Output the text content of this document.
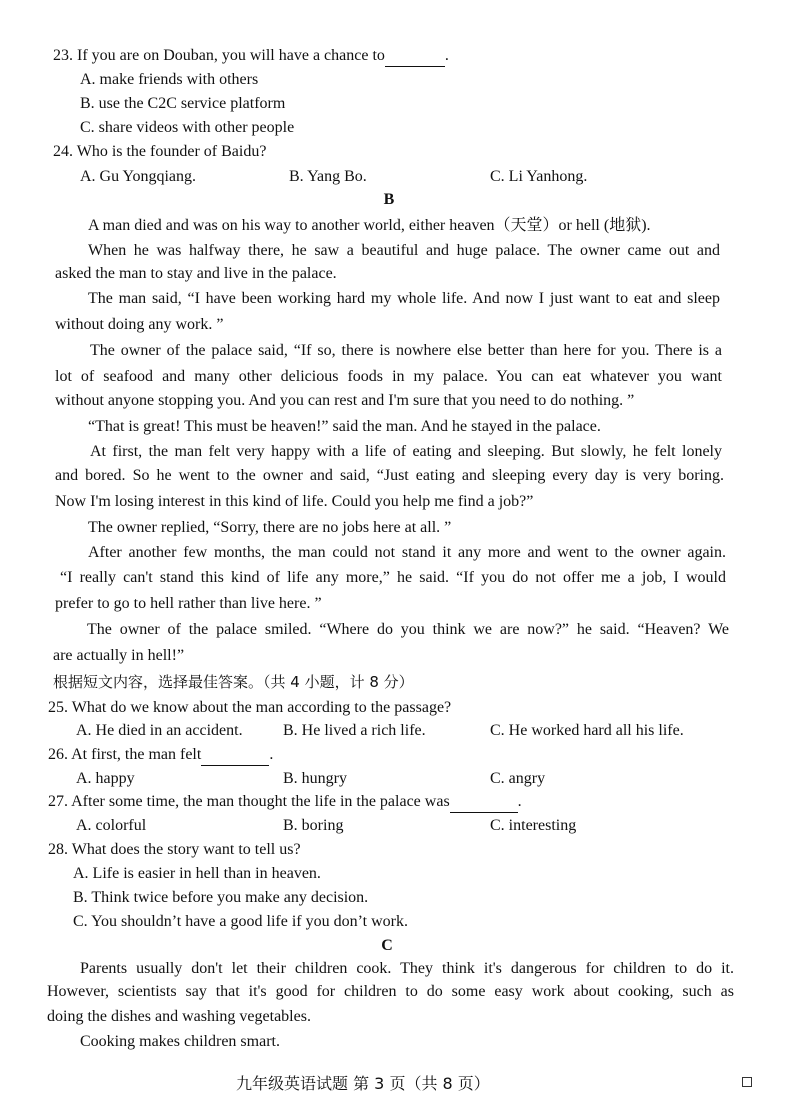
23. If you are on Douban, you will have a chance to	.
A. make friends with others
B. use the C2C service platform
C. share videos with other people
24. Who is the founder of Baidu?
A. Gu Yongqiang.	B. Yang Bo.	C. Li Yanhong.
B
A man died and was on his way to another world, either heaven（天堂）or hell (地狱).
When he was halfway there, he saw a beautiful and huge palace. The owner came out and
asked the man to stay and live in the palace.
The man said, “I have been working hard my whole life. And now I just want to eat and sleep
without doing any work. ”
The owner of the palace said, “If so, there is nowhere else better than here for you. There is a
lot of seafood and many other delicious foods in my palace. You can eat whatever you want
without anyone stopping you. And you can rest and I'm sure that you need to do nothing. ”
“That is great! This must be heaven!” said the man. And he stayed in the palace.
At first, the man felt very happy with a life of eating and sleeping. But slowly, he felt lonely
and bored. So he went to the owner and said, “Just eating and sleeping every day is very boring.
Now I'm losing interest in this kind of life. Could you help me find a job?”
The owner replied, “Sorry, there are no jobs here at all. ”
After another few months, the man could not stand it any more and went to the owner again.
“I really can't stand this kind of life any more,” he said. “If you do not offer me a job, I would
prefer to go to hell rather than live here. ”
The owner of the palace smiled. “Where do you think we are now?” he said. “Heaven? We
are actually in hell!”
根据短文内容，选择最佳答案。（共 4 小题，计 8 分）
25. What do we know about the man according to the passage?
A. He died in an accident.	B. He lived a rich life.	C. He worked hard all his life.
26. At first, the man felt	.
A. happy	B. hungry	C. angry
27. After some time, the man thought the life in the palace was	.
A. colorful	B. boring	C. interesting
28. What does the story want to tell us?
A. Life is easier in hell than in heaven.
B. Think twice before you make any decision.
C. You shouldn’t have a good life if you don’t work.
C
Parents usually don't let their children cook. They think it's dangerous for children to do it.
However, scientists say that it's good for children to do some easy work about cooking, such as
doing the dishes and washing vegetables.
Cooking makes children smart.
九年级英语试题 第 3 页（共 8 页）
